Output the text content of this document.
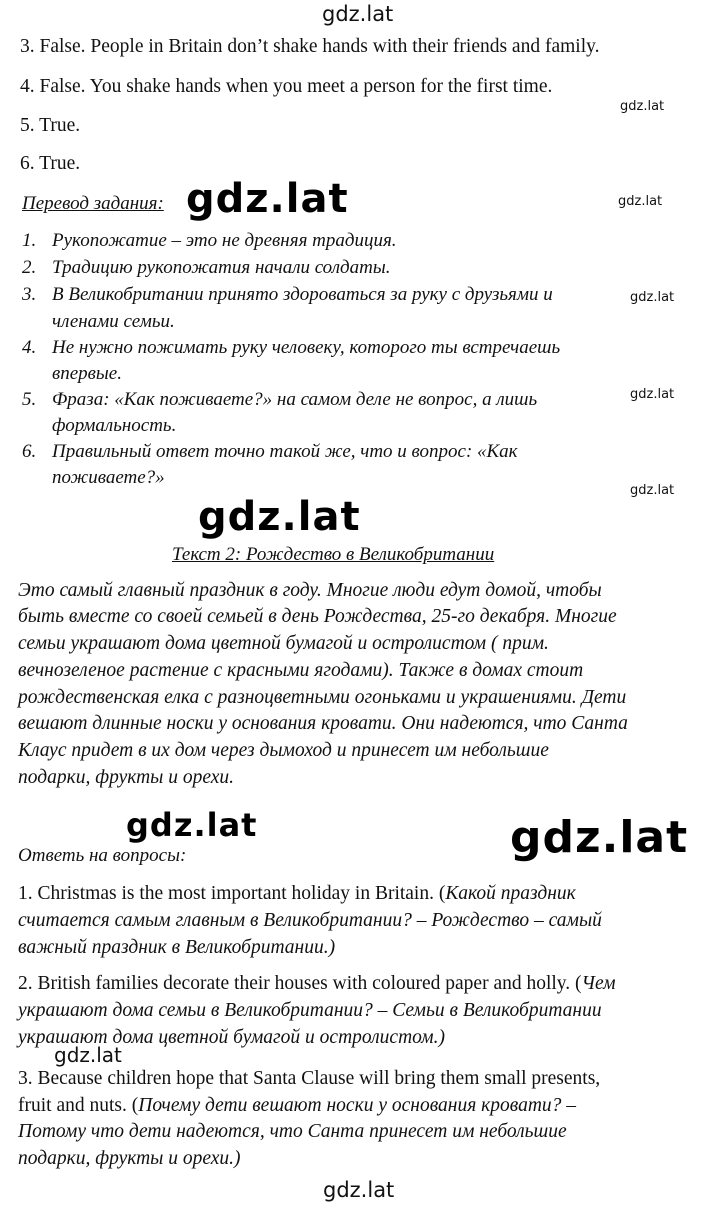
gdz.lat
gdz.lat
gdz.lat
gdz.lat
gdz.lat
gdz.lat
gdz.lat
gdz.lat
gdz.lat	gdz.lat
gdz.lat
gdz.lat
3. False. People in Britain don’t shake hands with their friends and family.
4. False. You shake hands when you meet a person for the first time.
5. True.
6. True.
Перевод задания:
1. Рукопожатие – это не древняя традиция.
2. Традицию рукопожатия начали солдаты.
3. В Великобритании принято здороваться за руку с друзьями и
членами семьи.
4. Не нужно пожимать руку человеку, которого ты встречаешь
впервые.
5. Фраза: «Как поживаете?» на самом деле не вопрос, а лишь
формальность.
6. Правильный ответ точно такой же, что и вопрос: «Как
поживаете?»
Текст 2: Рождество в Великобритании
Это самый главный праздник в году. Многие люди едут домой, чтобы
быть вместе со своей семьей в день Рождества, 25-го декабря. Многие
семьи украшают дома цветной бумагой и остролистом ( прим.
вечнозеленое растение с красными ягодами). Также в домах стоит
рождественская елка с разноцветными огоньками и украшениями. Дети
вешают длинные носки у основания кровати. Они надеются, что Санта
Клаус придет в их дом через дымоход и принесет им небольшие
подарки, фрукты и орехи.
Ответь на вопросы:
1. Christmas is the most important holiday in Britain. (Какой праздник
считается самым главным в Великобритании? – Рождество – самый
важный праздник в Великобритании.)
2. British families decorate their houses with coloured paper and holly. (Чем
украшают дома семьи в Великобритании? – Семьи в Великобритании
украшают дома цветной бумагой и остролистом.)
3. Because children hope that Santa Clause will bring them small presents,
fruit and nuts. (Почему дети вешают носки у основания кровати? –
Потому что дети надеются, что Санта принесет им небольшие
подарки, фрукты и орехи.)
